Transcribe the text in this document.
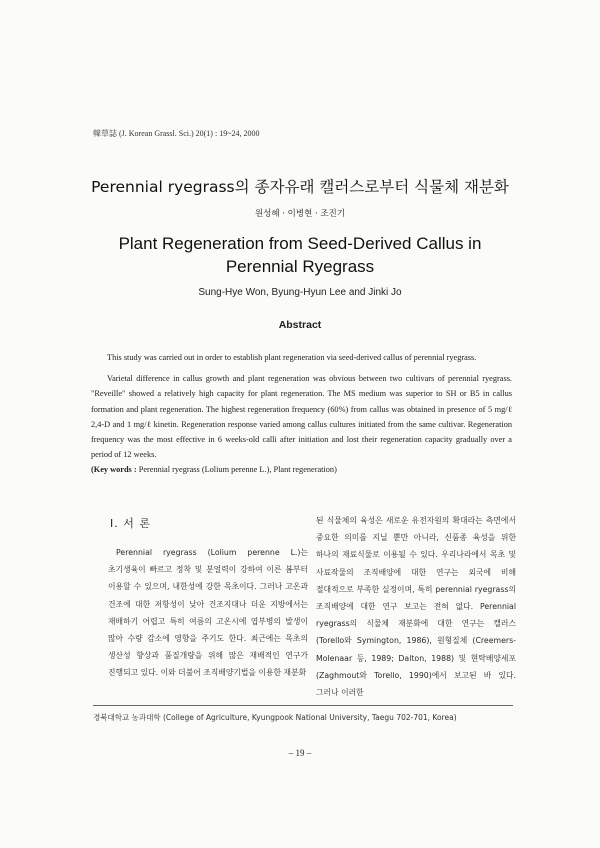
韓草誌 (J. Korean Grassl. Sci.) 20(1) : 19~24, 2000
Perennial ryegrass의 종자유래 캘러스로부터 식물체 재분화
원성혜 · 이병현 · 조진기
Plant Regeneration from Seed-Derived Callus in
Perennial Ryegrass
Sung-Hye Won, Byung-Hyun Lee and Jinki Jo
Abstract

This study was carried out in order to establish plant regeneration via seed-derived callus of perennial ryegrass.

Varietal difference in callus growth and plant regeneration was obvious between two cultivars of perennial ryegrass. "Reveille" showed a relatively high capacity for plant regeneration. The MS medium was superior to SH or B5 in callus formation and plant regeneration. The highest regeneration frequency (60%) from callus was obtained in presence of 5 mg/ℓ 2,4-D and 1 mg/ℓ kinetin. Regeneration response varied among callus cultures initiated from the same cultivar. Regeneration frequency was the most effective in 6 weeks-old calli after initiation and lost their regeneration capacity gradually over a period of 12 weeks.

(Key words : Perennial ryegrass (Lolium perenne L.), Plant regeneration)

I. 서 론

Perennial ryegrass (Lolium perenne L.)는 초기생육이 빠르고 정착 및 분얼력이 강하여 이른 봄부터 이용할 수 있으며, 내한성에 강한 목초이다. 그러나 고온과 건조에 대한 저항성이 낮아 건조지대나 더운 지방에서는 재배하기 어렵고 특히 여름의 고온시에 엽부병의 발생이 많아 수량 감소에 영향을 주기도 한다. 최근에는 목초의 생산성 향상과 품질개량을 위해 많은 재배적인 연구가 진행되고 있다. 이와 더불어 조직배양기법을 이용한 재분화

된 식물체의 육성은 새로운 유전자원의 확대라는 측면에서 중요한 의미를 지닐 뿐만 아니라, 신품종 육성을 위한 하나의 재료식물로 이용될 수 있다. 우리나라에서 목초 및 사료작물의 조직배양에 대한 연구는 외국에 비해 절대적으로 부족한 실정이며, 특히 perennial ryegrass의 조직배양에 대한 연구 보고는 전혀 없다. Perennial ryegrass의 식물체 재분화에 대한 연구는 캘러스 (Torello와 Symington, 1986), 원형질체 (Creemers-Molenaar 등, 1989; Dalton, 1988) 및 현탁배양세포 (Zaghmout와 Torello, 1990)에서 보고된 바 있다. 그러나 이러한

경북대학교 농과대학 (College of Agriculture, Kyungpook National University, Taegu 702-701, Korea)
– 19 –
